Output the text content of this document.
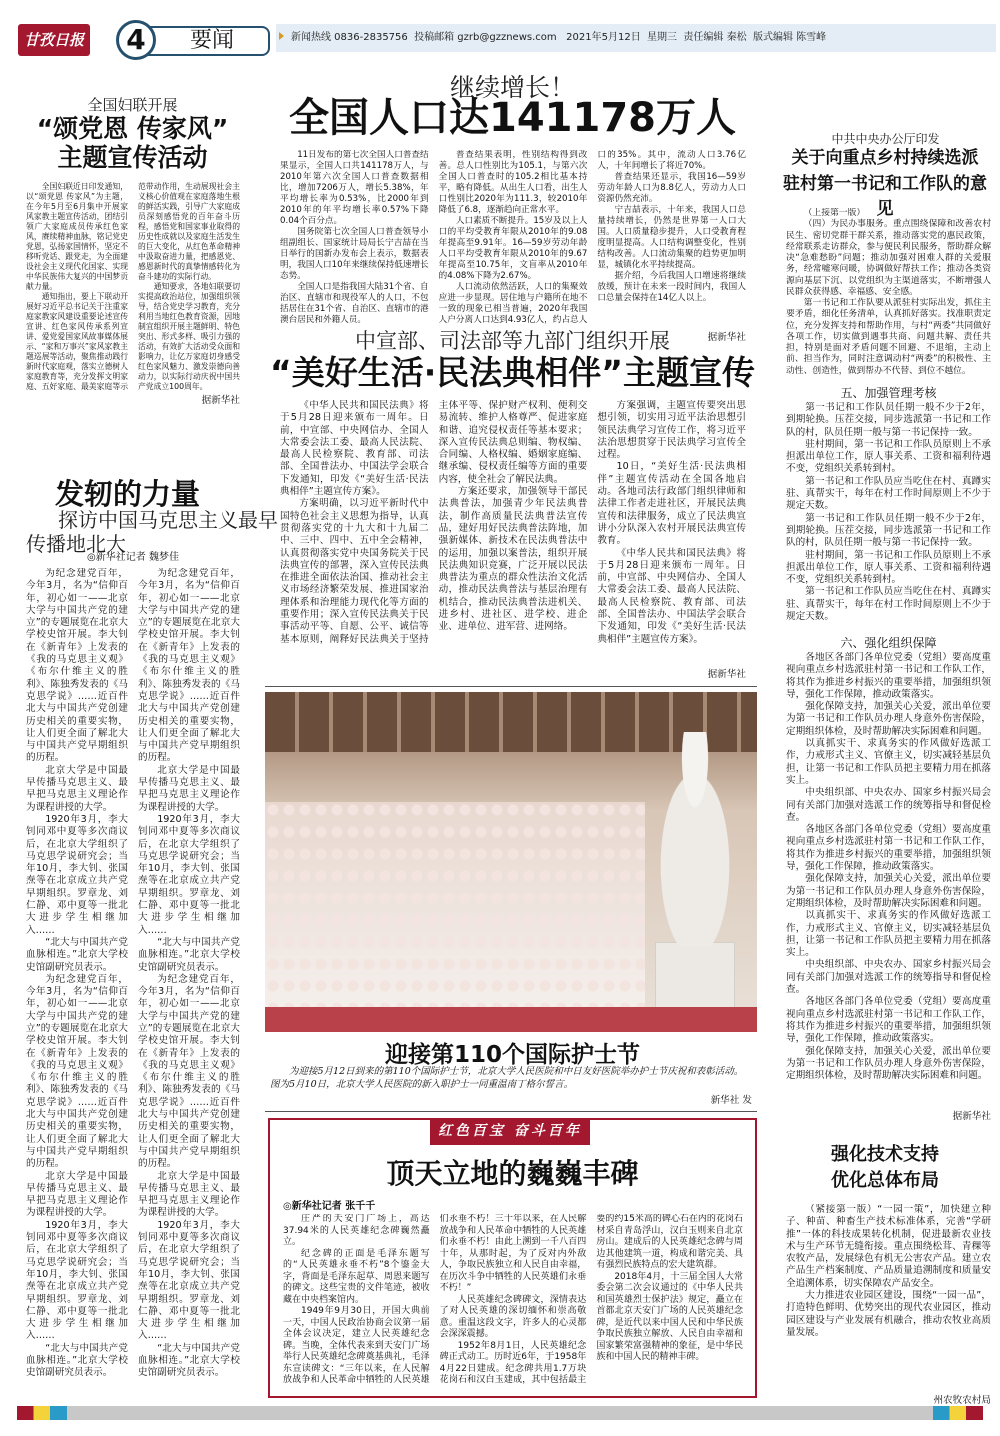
甘孜日报	4	要闻	新闻热线 0836-2835756  投稿邮箱 gzrb@gzznews.com   2021年5月12日  星期三  责任编辑 秦松  版式编辑 陈雪峰
全国妇联开展
“颂党恩 传家风”
主题宣传活动

全国妇联近日印发通知，以“颂党恩 传家风”为主题，在今年5月至6月集中开展家风家教主题宣传活动，团结引领广大家庭成员传承红色家风，赓续精神血脉，铭记党史党恩，弘扬家国情怀，坚定不移听党话、跟党走，为全面建设社会主义现代化国家、实现中华民族伟大复兴的中国梦贡献力量。

通知指出，要上下联动开展好习近平总书记关于注重家庭家教家风建设重要论述宣传宣讲、红色家风传承系列宣讲、爱党爱国家风故事媒体展示、“家和万事兴”家风家教主题巡展等活动，聚焦推动践行新时代家庭观，落实立德树人家庭教育等，充分发挥文明家庭、五好家庭、最美家庭等示范带动作用，生动展现社会主义核心价值观在家庭落地生根的鲜活实践，引导广大家庭成员深刻感悟党的百年奋斗历程，感悟党和国家事业取得的历史性成就以及家庭生活发生的巨大变化，从红色革命精神中汲取奋进力量，把感恩党、感恩新时代的真挚情感转化为奋斗建功的实际行动。

通知要求，各地妇联要切实提高政治站位，加强组织领导，结合党史学习教育，充分利用当地红色教育资源，因地制宜组织开展主题鲜明、特色突出、形式多样、吸引力强的活动，有效扩大活动受众面和影响力，让亿万家庭切身感受红色家风魅力、激发崇德向善动力，以实际行动庆祝中国共产党成立100周年。

据新华社
发轫的力量
探访中国马克思主义最早
传播地北大
◎新华社记者 魏梦佳

为纪念建党百年，今年3月，名为“信仰百年，初心如一——北京大学与中国共产党的建立”的专题展览在北京大学校史馆开展。李大钊在《新青年》上发表的《我的马克思主义观》《布尔什维主义的胜利》、陈独秀发表的《马克思学说》……近百件北大与中国共产党创建历史相关的重要实物，让人们更全面了解北大与中国共产党早期组织的历程。

北京大学是中国最早传播马克思主义、最早把马克思主义理论作为课程讲授的大学。

1920年3月，李大钊同邓中夏等多次商议后，在北京大学组织了马克思学说研究会；当年10月，李大钊、张国焘等在北京成立共产党早期组织。罗章龙、刘仁静、邓中夏等一批北大进步学生相继加入……

“北大与中国共产党血脉相连。”北京大学校史馆副研究员表示。

为纪念建党百年，今年3月，名为“信仰百年，初心如一——北京大学与中国共产党的建立”的专题展览在北京大学校史馆开展。李大钊在《新青年》上发表的《我的马克思主义观》《布尔什维主义的胜利》、陈独秀发表的《马克思学说》……近百件北大与中国共产党创建历史相关的重要实物，让人们更全面了解北大与中国共产党早期组织的历程。

北京大学是中国最早传播马克思主义、最早把马克思主义理论作为课程讲授的大学。

1920年3月，李大钊同邓中夏等多次商议后，在北京大学组织了马克思学说研究会；当年10月，李大钊、张国焘等在北京成立共产党早期组织。罗章龙、刘仁静、邓中夏等一批北大进步学生相继加入……

“北大与中国共产党血脉相连。”北京大学校史馆副研究员表示。

为纪念建党百年，今年3月，名为“信仰百年，初心如一——北京大学与中国共产党的建立”的专题展览在北京大学校史馆开展。李大钊在《新青年》上发表的《我的马克思主义观》《布尔什维主义的胜利》、陈独秀发表的《马克思学说》……近百件北大与中国共产党创建历史相关的重要实物，让人们更全面了解北大与中国共产党早期组织的历程。

北京大学是中国最早传播马克思主义、最早把马克思主义理论作为课程讲授的大学。

1920年3月，李大钊同邓中夏等多次商议后，在北京大学组织了马克思学说研究会；当年10月，李大钊、张国焘等在北京成立共产党早期组织。罗章龙、刘仁静、邓中夏等一批北大进步学生相继加入……

“北大与中国共产党血脉相连。”北京大学校史馆副研究员表示。

为纪念建党百年，今年3月，名为“信仰百年，初心如一——北京大学与中国共产党的建立”的专题展览在北京大学校史馆开展。李大钊在《新青年》上发表的《我的马克思主义观》《布尔什维主义的胜利》、陈独秀发表的《马克思学说》……近百件北大与中国共产党创建历史相关的重要实物，让人们更全面了解北大与中国共产党早期组织的历程。

北京大学是中国最早传播马克思主义、最早把马克思主义理论作为课程讲授的大学。

1920年3月，李大钊同邓中夏等多次商议后，在北京大学组织了马克思学说研究会；当年10月，李大钊、张国焘等在北京成立共产党早期组织。罗章龙、刘仁静、邓中夏等一批北大进步学生相继加入……

“北大与中国共产党血脉相连。”北京大学校史馆副研究员表示。

继续增长！
全国人口达141178万人

11日发布的第七次全国人口普查结果显示，全国人口共141178万人，与2010年第六次全国人口普查数据相比，增加7206万人，增长5.38%，年平均增长率为0.53%，比2000年到2010年的年平均增长率0.57%下降0.04个百分点。

国务院第七次全国人口普查领导小组副组长、国家统计局局长宁吉喆在当日举行的国新办发布会上表示，数据表明，我国人口10年来继续保持低速增长态势。

全国人口是指我国大陆31个省、自治区、直辖市和现役军人的人口，不包括居住在31个省、自治区、直辖市的港澳台居民和外籍人员。

普查结果表明，性别结构得到改善。总人口性别比为105.1，与第六次全国人口普查时的105.2相比基本持平，略有降低。从出生人口看，出生人口性别比2020年为111.3，较2010年降低了6.8，逐渐趋向正常水平。

人口素质不断提升。15岁及以上人口的平均受教育年限从2010年的9.08年提高至9.91年。16—59岁劳动年龄人口平均受教育年限从2010年的9.67年提高至10.75年，文盲率从2010年的4.08%下降为2.67%。

人口流动依然活跃，人口的集聚效应进一步显现。居住地与户籍所在地不一致的现象已相当普遍，2020年我国人户分离人口达到4.93亿人，约占总人口的35%。其中，流动人口3.76亿人，十年间增长了将近70%。

普查结果还显示，我国16—59岁劳动年龄人口为8.8亿人，劳动力人口资源仍然充沛。

宁吉喆表示，十年来，我国人口总量持续增长，仍然是世界第一人口大国。人口质量稳步提升，人口受教育程度明显提高。人口结构调整变化，性别结构改善。人口流动集聚的趋势更加明显，城镇化水平持续提高。

据介绍，今后我国人口增速将继续放缓，预计在未来一段时间内，我国人口总量会保持在14亿人以上。

据新华社
中宣部、司法部等九部门组织开展
“美好生活·民法典相伴”主题宣传

《中华人民共和国民法典》将于5月28日迎来颁布一周年。日前，中宣部、中央网信办、全国人大常委会法工委、最高人民法院、最高人民检察院、教育部、司法部、全国普法办、中国法学会联合下发通知，印发《“美好生活·民法典相伴”主题宣传方案》。

方案明确，以习近平新时代中国特色社会主义思想为指导，认真贯彻落实党的十九大和十九届二中、三中、四中、五中全会精神，认真贯彻落实党中央国务院关于民法典宣传的部署，深入宣传民法典在推进全面依法治国、推动社会主义市场经济繁荣发展、推进国家治理体系和治理能力现代化等方面的重要作用；深入宣传民法典关于民事活动平等、自愿、公平、诚信等基本原则，阐释好民法典关于坚持主体平等、保护财产权利、便利交易流转、维护人格尊严、促进家庭和谐、追究侵权责任等基本要求；深入宣传民法典总则编、物权编、合同编、人格权编、婚姻家庭编、继承编、侵权责任编等方面的重要内容，使全社会了解民法典。

方案还要求，加强领导干部民法典普法，加强青少年民法典普法，制作高质量民法典普法宣传品，建好用好民法典普法阵地，加强新媒体、新技术在民法典普法中的运用，加强以案普法，组织开展民法典知识竞赛，广泛开展以民法典普法为重点的群众性法治文化活动，推动民法典普法与基层治理有机结合，推动民法典普法进机关、进乡村、进社区、进学校、进企业、进单位、进军营、进网络。

方案强调，主题宣传要突出思想引领，切实用习近平法治思想引领民法典学习宣传工作，将习近平法治思想贯穿于民法典学习宣传全过程。

10日，“美好生活·民法典相伴”主题宣传活动在全国各地启动。各地司法行政部门组织律师和法律工作者走进社区，开展民法典宣传和法律服务，成立了民法典宣讲小分队深入农村开展民法典宣传教育。

《中华人民共和国民法典》将于5月28日迎来颁布一周年。日前，中宣部、中央网信办、全国人大常委会法工委、最高人民法院、最高人民检察院、教育部、司法部、全国普法办、中国法学会联合下发通知，印发《“美好生活·民法典相伴”主题宣传方案》。

据新华社
迎接第110个国际护士节
为迎接5月12日到来的第110个国际护士节，北京大学人民医院和中日友好医院举办护士节庆祝和表彰活动。图为5月10日，北京大学人民医院的新入职护士一同重温南丁格尔誓言。
新华社 发
红色百宝 奋斗百年
顶天立地的巍巍丰碑
◎新华社记者 张千千

庄严的天安门广场上，高达37.94米的人民英雄纪念碑巍然矗立。

纪念碑的正面是毛泽东题写的“人民英雄永垂不朽”8个鎏金大字，背面是毛泽东起草、周恩来题写的碑文。这些宝贵的文件笔迹，被收藏在中央档案馆内。

1949年9月30日，开国大典前一天，中国人民政治协商会议第一届全体会议决定，建立人民英雄纪念碑。当晚，全体代表来到天安门广场举行人民英雄纪念碑奠基典礼，毛泽东宣读碑文：“三年以来，在人民解放战争和人民革命中牺牲的人民英雄们永垂不朽！三十年以来，在人民解放战争和人民革命中牺牲的人民英雄们永垂不朽！由此上溯到一千八百四十年，从那时起，为了反对内外敌人，争取民族独立和人民自由幸福，在历次斗争中牺牲的人民英雄们永垂不朽！”

人民英雄纪念碑碑文，深情表达了对人民英雄的深切缅怀和崇高敬意。重温这段文字，许多人的心灵都会深深震撼。

1952年8月1日，人民英雄纪念碑正式动工。历时近6年，于1958年4月22日建成。纪念碑共用1.7万块花岗石和汉白玉建成，其中包括最主要的约15米高的碑心石在内的花岗石材采自青岛浮山，汉白玉则来自北京房山。建成后的人民英雄纪念碑与周边其他建筑一道，构成和谐完美、具有强烈民族特点的宏大建筑群。

2018年4月，十三届全国人大常委会第二次会议通过的《中华人民共和国英雄烈士保护法》规定，矗立在首都北京天安门广场的人民英雄纪念碑，是近代以来中国人民和中华民族争取民族独立解放、人民自由幸福和国家繁荣富强精神的象征，是中华民族和中国人民的精神丰碑。

中共中央办公厅印发
关于向重点乡村持续选派
驻村第一书记和工作队的意见

（上接第一版）

（四）为民办事服务。重点围绕保障和改善农村民生、密切党群干群关系，推动落实党的惠民政策，经常联系走访群众，参与便民利民服务，帮助群众解决“急难愁盼”问题；推动加强对困难人群的关爱服务，经常嘘寒问暖，协调做好帮扶工作；推动各类资源向基层下沉、以党组织为主渠道落实，不断增强人民群众获得感、幸福感、安全感。

第一书记和工作队要从派驻村实际出发，抓住主要矛盾，细化任务清单，认真抓好落实。找准职责定位，充分发挥支持和帮助作用，与村“两委”共同做好各项工作，切实做到遇事共商、问题共解、责任共担，特别是面对矛盾问题不回避、不退缩，主动上前、担当作为，同时注意调动村“两委”的积极性、主动性、创造性，做到帮办不代替、到位不越位。

五、加强管理考核

第一书记和工作队员任期一般不少于2年，到期轮换。压茬交接，同步选派第一书记和工作队的村，队员任期一般与第一书记保持一致。

驻村期间，第一书记和工作队员原则上不承担派出单位工作，原人事关系、工资和福利待遇不变，党组织关系转到村。

第一书记和工作队员应当吃住在村、真蹲实驻、真帮实干，每年在村工作时间原则上不少于规定天数。

第一书记和工作队员任期一般不少于2年，到期轮换。压茬交接，同步选派第一书记和工作队的村，队员任期一般与第一书记保持一致。

驻村期间，第一书记和工作队员原则上不承担派出单位工作，原人事关系、工资和福利待遇不变，党组织关系转到村。

第一书记和工作队员应当吃住在村、真蹲实驻、真帮实干，每年在村工作时间原则上不少于规定天数。

六、强化组织保障

各地区各部门各单位党委（党组）要高度重视向重点乡村选派驻村第一书记和工作队工作，将其作为推进乡村振兴的重要举措，加强组织领导，强化工作保障，推动政策落实。

强化保障支持，加强关心关爱，派出单位要为第一书记和工作队员办理人身意外伤害保险，定期组织体检，及时帮助解决实际困难和问题。

以真抓实干、求真务实的作风做好选派工作，力戒形式主义、官僚主义，切实减轻基层负担，让第一书记和工作队员把主要精力用在抓落实上。

中央组织部、中央农办、国家乡村振兴局会同有关部门加强对选派工作的统筹指导和督促检查。

各地区各部门各单位党委（党组）要高度重视向重点乡村选派驻村第一书记和工作队工作，将其作为推进乡村振兴的重要举措，加强组织领导，强化工作保障，推动政策落实。

强化保障支持，加强关心关爱，派出单位要为第一书记和工作队员办理人身意外伤害保险，定期组织体检，及时帮助解决实际困难和问题。

以真抓实干、求真务实的作风做好选派工作，力戒形式主义、官僚主义，切实减轻基层负担，让第一书记和工作队员把主要精力用在抓落实上。

中央组织部、中央农办、国家乡村振兴局会同有关部门加强对选派工作的统筹指导和督促检查。

各地区各部门各单位党委（党组）要高度重视向重点乡村选派驻村第一书记和工作队工作，将其作为推进乡村振兴的重要举措，加强组织领导，强化工作保障，推动政策落实。

强化保障支持，加强关心关爱，派出单位要为第一书记和工作队员办理人身意外伤害保险，定期组织体检，及时帮助解决实际困难和问题。

据新华社
强化技术支持
优化总体布局

（紧接第一版）“一园一策”，加快建立种子、种苗、种畜生产技术标准体系，完善“学研推”一体的科技成果转化机制，促进最新农业技术与生产环节无缝衔接。重点围绕松茸、青稞等农牧产品，发展绿色有机无公害农产品。建立农产品生产档案制度、产品质量追溯制度和质量安全追溯体系，切实保障农产品安全。

大力推进农业园区建设，围绕“一园一品”，打造特色鲜明、优势突出的现代农业园区，推动园区建设与产业发展有机融合，推动农牧业高质量发展。

州农牧农村局
